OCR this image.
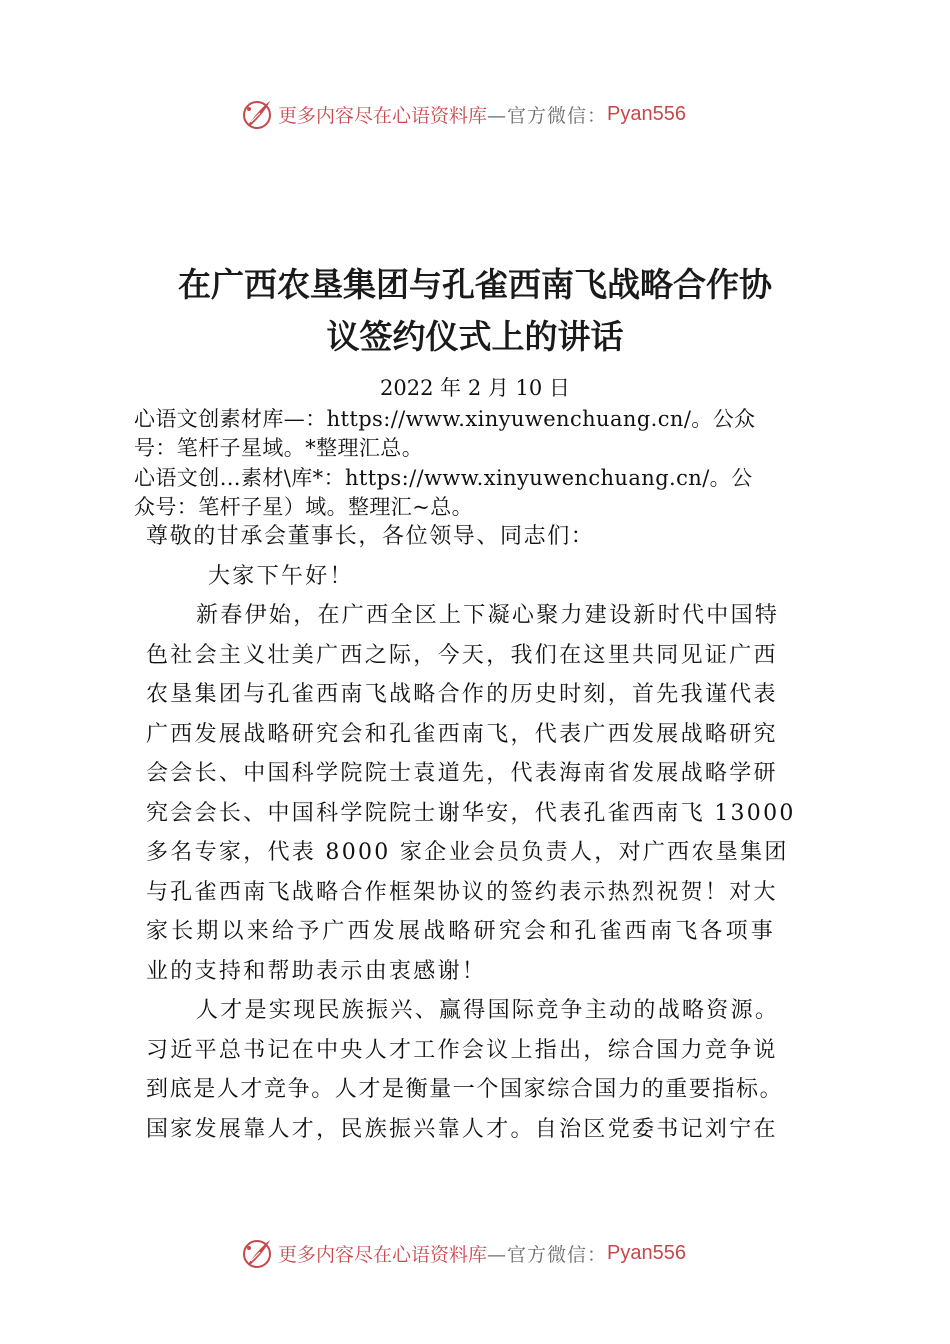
更多内容尽在心语资料库 —官方微信： Pyan556
在广西农垦集团与孔雀西南飞战略合作协
议签约仪式上的讲话
2022 年 2 月 10 日
心语文创素材库—：https://www.xinyuwenchuang.cn/。公众
号：笔杆子星域。*整理汇总。
心语文创…素材\库*：https://www.xinyuwenchuang.cn/。公
众号：笔杆子星）域。整理汇~总。
尊敬的甘承会董事长，各位领导、同志们：
大家下午好！
新春伊始，在广西全区上下凝心聚力建设新时代中国特
色社会主义壮美广西之际，今天，我们在这里共同见证广西
农垦集团与孔雀西南飞战略合作的历史时刻，首先我谨代表
广西发展战略研究会和孔雀西南飞，代表广西发展战略研究
会会长、中国科学院院士袁道先，代表海南省发展战略学研
究会会长、中国科学院院士谢华安，代表孔雀西南飞 13000
多名专家，代表 8000 家企业会员负责人，对广西农垦集团
与孔雀西南飞战略合作框架协议的签约表示热烈祝贺！对大
家长期以来给予广西发展战略研究会和孔雀西南飞各项事
业的支持和帮助表示由衷感谢！
人才是实现民族振兴、赢得国际竞争主动的战略资源。
习近平总书记在中央人才工作会议上指出，综合国力竞争说
到底是人才竞争。人才是衡量一个国家综合国力的重要指标。
国家发展靠人才，民族振兴靠人才。自治区党委书记刘宁在
更多内容尽在心语资料库 —官方微信： Pyan556
